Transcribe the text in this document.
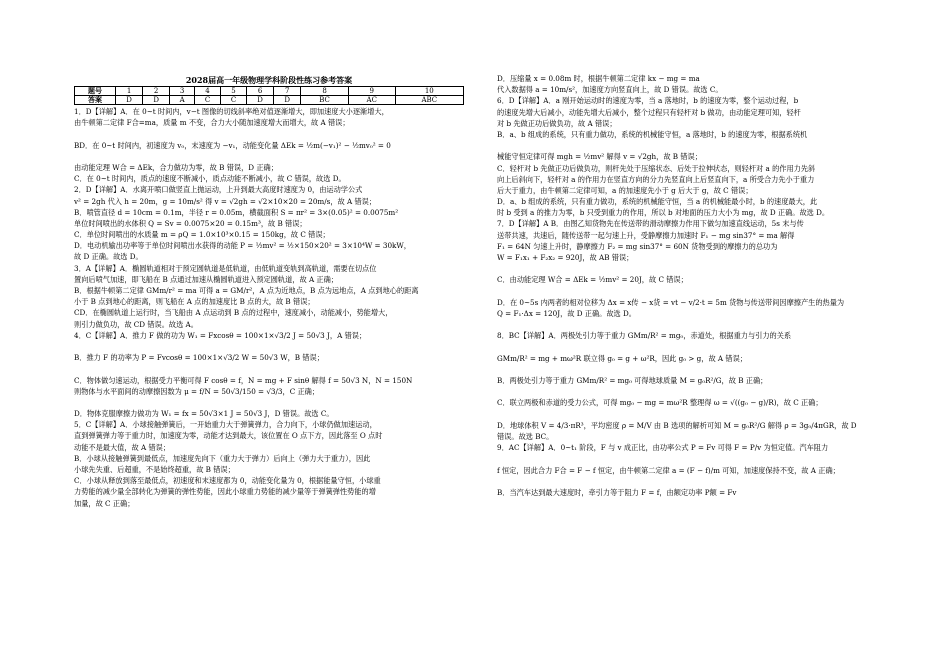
2028届高一年级物理学科阶段性练习参考答案
题号	1	2	3	4	5	6	7	8	9	10
答案	D	D	A	C	C	D	D	BC	AC	ABC
1．D【详解】A．在 0~t 时间内，v−t 图像的切线斜率绝对值逐渐增大，即加速度大小逐渐增大，
由牛顿第二定律 F合=ma，质量 m 不变，合力大小随加速度增大而增大，故 A 错误；
BD．在 0~t 时间内，初速度为 v₀，末速度为 −v₁，动能变化量 ΔEk = ½m(−v₁)² − ½mv₀² = 0
由动能定理 W合 = ΔEk，合力做功为零，故 B 错误，D 正确；
C．在 0~t 时间内，质点的速度不断减小，质点动能不断减小，故 C 错误，故选 D。
2．D【详解】A．水离开喷口做竖直上抛运动，上升到最大高度时速度为 0，由运动学公式
v² = 2gh 代入 h = 20m，g = 10m/s² 得 v = √2gh = √2×10×20 = 20m/s，故 A 错误；
B．喷管直径 d = 10cm = 0.1m，半径 r = 0.05m，横截面积 S = πr² = 3×(0.05)² = 0.0075m²
单位时间喷出的水体积 Q = Sv = 0.0075×20 = 0.15m³，故 B 错误；
C．单位时间喷出的水质量 m = ρQ = 1.0×10³×0.15 = 150kg，故 C 错误；
D．电动机输出功率等于单位时间喷出水获得的动能 P = ½mv² = ½×150×20² = 3×10⁴W = 30kW，
故 D 正确。故选 D。
3．A【详解】A．椭圆轨道相对于预定圆轨道是低轨道，由低轨道变轨到高轨道，需要在切点位
置向后喷气加速，即飞船在 B 点通过加速从椭圆轨道进入预定圆轨道，故 A 正确；
B．根据牛顿第二定律 GMm/r² = ma 可得 a = GM/r²，A 点为近地点，B 点为远地点，A 点到地心的距离
小于 B 点到地心的距离，则飞船在 A 点的加速度比 B 点的大，故 B 错误；
CD．在椭圆轨道上运行时，当飞船由 A 点运动到 B 点的过程中，速度减小，动能减小，势能增大，
则引力做负功，故 CD 错误。故选 A。
4．C【详解】A．推力 F 做的功为 W₁ = Fxcosθ = 100×1×√3/2 J = 50√3 J，A 错误；
B．推力 F 的功率为 P = Fvcosθ = 100×1×√3/2 W = 50√3 W，B 错误；
C．物体做匀速运动，根据受力平衡可得 F cosθ = f，N = mg + F sinθ 解得 f = 50√3 N，N = 150N
则物体与水平面间的动摩擦因数为 μ = f/N = 50√3/150 = √3/3，C 正确；
D．物体克服摩擦力做功为 W₁ = fx = 50√3×1 J = 50√3 J，D 错误。故选 C。
5．C【详解】A．小球接触弹簧后，一开始重力大于弹簧弹力，合力向下，小球仍做加速运动，
直到弹簧弹力等于重力时，加速度为零，动能才达到最大，该位置在 O 点下方，因此落至 O 点时
动能不是最大值，故 A 错误；
B．小球从接触弹簧到最低点，加速度先向下（重力大于弹力）后向上（弹力大于重力），因此
小球先失重、后超重，不是始终超重，故 B 错误；
C．小球从释放到落至最低点，初速度和末速度都为 0，动能变化量为 0，根据能量守恒，小球重
力势能的减少量全部转化为弹簧的弹性势能，因此小球重力势能的减少量等于弹簧弹性势能的增
加量，故 C 正确；
D．压缩量 x = 0.08m 时，根据牛顿第二定律 kx − mg = ma
代入数据得 a = 10m/s²，加速度方向竖直向上，故 D 错误。故选 C。
6．D【详解】A．a 刚开始运动时的速度为零，当 a 落地时，b 的速度为零，整个运动过程，b
的速度先增大后减小，动能先增大后减小，整个过程只有轻杆对 b 做功，由动能定理可知，轻杆
对 b 先做正功后做负功，故 A 错误；
B．a、b 组成的系统，只有重力做功，系统的机械能守恒，a 落地时，b 的速度为零，根据系统机
械能守恒定律可得 mgh = ½mv² 解得 v = √2gh，故 B 错误；
C．轻杆对 b 先做正功后做负功，则杆先处于压缩状态、后处于拉伸状态，则轻杆对 a 的作用力先斜
向上后斜向下，轻杆对 a 的作用力在竖直方向的分力先竖直向上后竖直向下，a 所受合力先小于重力
后大于重力，由牛顿第二定律可知，a 的加速度先小于 g 后大于 g，故 C 错误；
D．a、b 组成的系统，只有重力做功，系统的机械能守恒，当 a 的机械能最小时，b 的速度最大，此
时 b 受到 a 的推力为零，b 只受到重力的作用，所以 b 对地面的压力大小为 mg，故 D 正确。故选 D。
7．D【详解】A B．由图乙知货物先在传送带的滑动摩擦力作用下做匀加速直线运动，5s 末与传
送带共速，共速后，随传送带一起匀速上升，受静摩擦力加速时 F₁ − mg sin37° = ma 解得
F₁ = 64N 匀速上升时，静摩擦力 F₂ = mg sin37° = 60N 货物受到的摩擦力的总功为
W = F₁x₁ + F₂x₂ = 920J，故 AB 错误；
C．由动能定理 W合 = ΔEk = ½mv² = 20J，故 C 错误；
D．在 0~5s 内两者的相对位移为 Δx = x传 − x货 = vt − v/2·t = 5m 货物与传送带间因摩擦产生的热量为
Q = F₁·Δx = 120J，故 D 正确。故选 D。
8．BC【详解】A．两极处引力等于重力 GMm/R² = mg₀，赤道处，根据重力与引力的关系
GMm/R² = mg + mω²R 联立得 g₀ = g + ω²R，因此 g₀ > g，故 A 错误；
B．两极处引力等于重力 GMm/R² = mg₀ 可得地球质量 M = g₀R²/G，故 B 正确；
C．联立两极和赤道的受力公式，可得 mg₀ − mg = mω²R 整理得 ω = √((g₀ − g)/R)，故 C 正确；
D．地球体积 V = 4/3·πR³，平均密度 ρ = M/V 由 B 选项的解析可知 M = g₀R²/G 解得 ρ = 3g₀/4πGR，故 D
错误。故选 BC。
9．AC【详解】A．0~t₁ 阶段，F 与 v 成正比，由功率公式 P = Fv 可得 F = P/v 为恒定值。汽车阻力
f 恒定，因此合力 F合 = F − f 恒定，由牛顿第二定律 a = (F − f)/m 可知，加速度保持不变，故 A 正确；
B．当汽车达到最大速度时，牵引力等于阻力 F = f，由额定功率 P额 = Fv
